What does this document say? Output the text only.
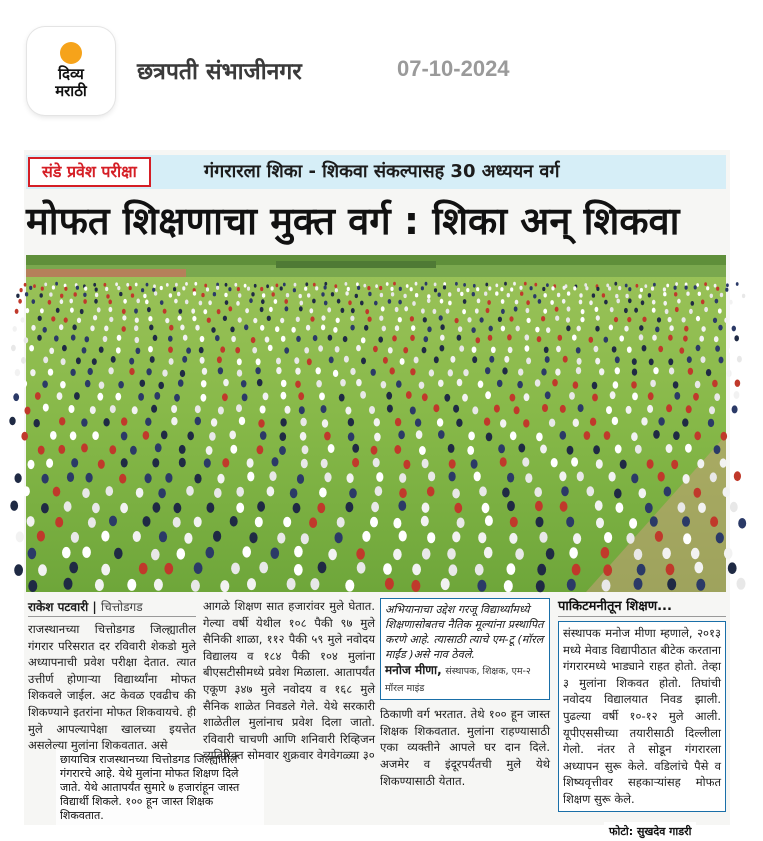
दिव्य
मराठी
छत्रपती संभाजीनगर	07-10-2024
संडे प्रवेश परीक्षा	गंगरारला शिका - शिकवा संकल्पासह 30 अध्ययन वर्ग
मोफत शिक्षणाचा मुक्त वर्ग : शिका अन् शिकवा
छायाचित्र राजस्थानच्या चित्तोडगड जिल्ह्यातील गंगरारचे आहे. येथे मुलांना मोफत शिक्षण दिले जाते. येथे आतापर्यंत सुमारे ७ हजारांहून जास्त विद्यार्थी शिकले. १०० हून जास्त शिक्षक शिकवतात.
फोटो: सुखदेव गाडरी
राकेश पटवारी | चित्तोडगड
राजस्थानच्या चित्तोडगड जिल्ह्यातील गंगरार परिसरात दर रविवारी शेकडो मुले अध्यापनाची प्रवेश परीक्षा देतात. त्यात उत्तीर्ण होणाऱ्या विद्यार्थ्यांना मोफत शिकवले जाईल. अट केवळ एवढीच की शिकण्याने इतरांना मोफत शिकवायचे. ही मुले आपल्यापेक्षा खालच्या इयत्तेत असलेल्या मुलांना शिकवतात. असे
आगळे शिक्षण सात हजारांवर मुले घेतात. गेल्या वर्षी येथील १०८ पैकी ९७ मुले सैनिकी शाळा, ११२ पैकी ५९ मुले नवोदय विद्यालय व १८४ पैकी १०४ मुलांना बीएसटीसीमध्ये प्रवेश मिळाला. आतापर्यंत एकूण ३४७ मुले नवोदय व १६८ मुले सैनिक शाळेत निवडले गेले. येथे सरकारी शाळेतील मुलांनाच प्रवेश दिला जातो. रविवारी चाचणी आणि शनिवारी रिव्हिजन व्यतिरिक्त सोमवार शुक्रवार वेगवेगळ्या ३०
अभियानाचा उद्देश गरजू विद्यार्थ्यांमध्ये शिक्षणासोबतच नैतिक मूल्यांना प्रस्थापित करणे आहे. त्यासाठी त्याचे एम-टू (मॉरल माईंड )असे नाव ठेवले.
मनोज मीणा, संस्थापक, शिक्षक, एम-२ मॉरल माइंड
ठिकाणी वर्ग भरतात. तेथे १०० हून जास्त शिक्षक शिकवतात. मुलांना राहण्यासाठी एका व्यक्तीने आपले घर दान दिले. अजमेर व इंदूरपर्यंतची मुले येथे शिकण्यासाठी येतात.
पाकिटमनीतून शिक्षण...
संस्थापक मनोज मीणा म्हणाले, २०१३ मध्ये मेवाड विद्यापीठात बीटेक करताना गंगरारमध्ये भाड्याने राहत होतो. तेव्हा ३ मुलांना शिकवत होतो. तिघांची नवोदय विद्यालयात निवड झाली. पुढल्या वर्षी १०-१२ मुले आली. यूपीएससीच्या तयारीसाठी दिल्लीला गेलो. नंतर ते सोडून गंगरारला अध्यापन सुरू केले. वडिलांचे पैसे व शिष्यवृत्तीवर सहकाऱ्यांसह मोफत शिक्षण सुरू केले.
